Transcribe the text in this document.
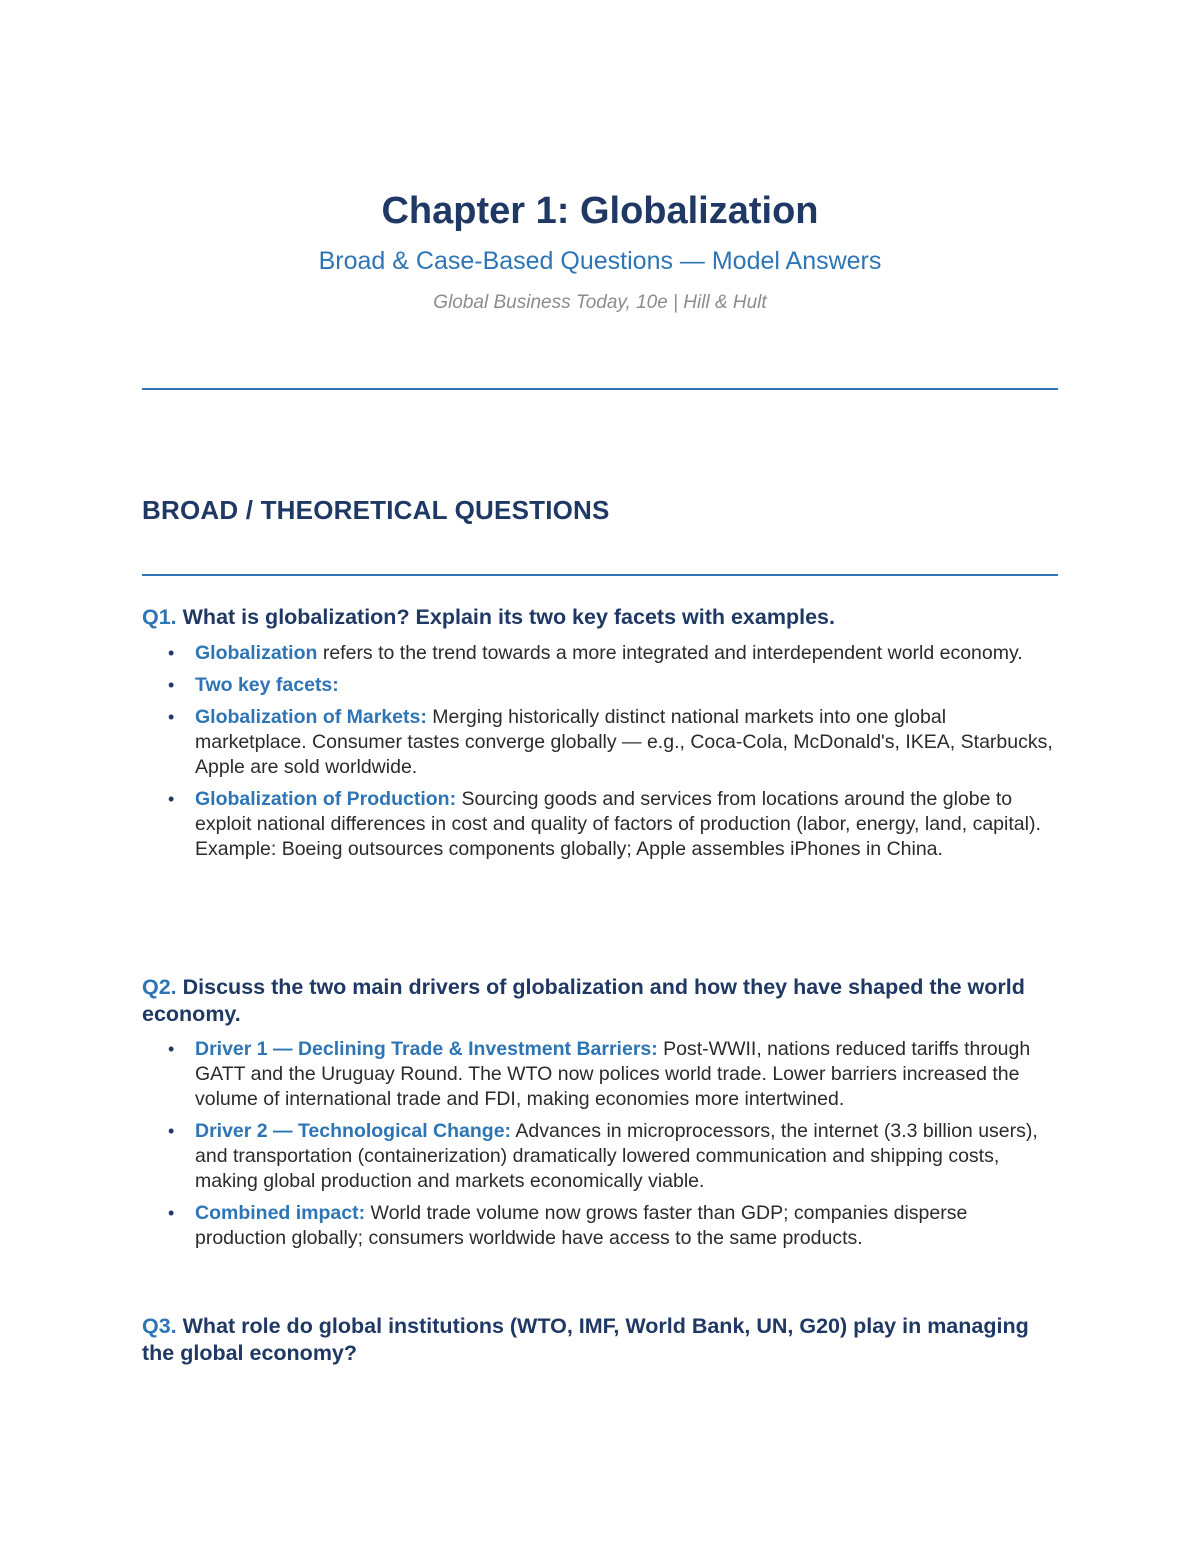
Chapter 1: Globalization
Broad & Case-Based Questions — Model Answers
Global Business Today, 10e | Hill & Hult
BROAD / THEORETICAL QUESTIONS
Q1. What is globalization? Explain its two key facets with examples.
• Globalization refers to the trend towards a more integrated and interdependent world economy.
• Two key facets:
• Globalization of Markets: Merging historically distinct national markets into one global marketplace. Consumer tastes converge globally — e.g., Coca-Cola, McDonald's, IKEA, Starbucks, Apple are sold worldwide.
• Globalization of Production: Sourcing goods and services from locations around the globe to exploit national differences in cost and quality of factors of production (labor, energy, land, capital). Example: Boeing outsources components globally; Apple assembles iPhones in China.
Q2. Discuss the two main drivers of globalization and how they have shaped the world economy.
• Driver 1 — Declining Trade & Investment Barriers: Post-WWII, nations reduced tariffs through GATT and the Uruguay Round. The WTO now polices world trade. Lower barriers increased the volume of international trade and FDI, making economies more intertwined.
• Driver 2 — Technological Change: Advances in microprocessors, the internet (3.3 billion users), and transportation (containerization) dramatically lowered communication and shipping costs, making global production and markets economically viable.
• Combined impact: World trade volume now grows faster than GDP; companies disperse production globally; consumers worldwide have access to the same products.
Q3. What role do global institutions (WTO, IMF, World Bank, UN, G20) play in managing the global economy?
